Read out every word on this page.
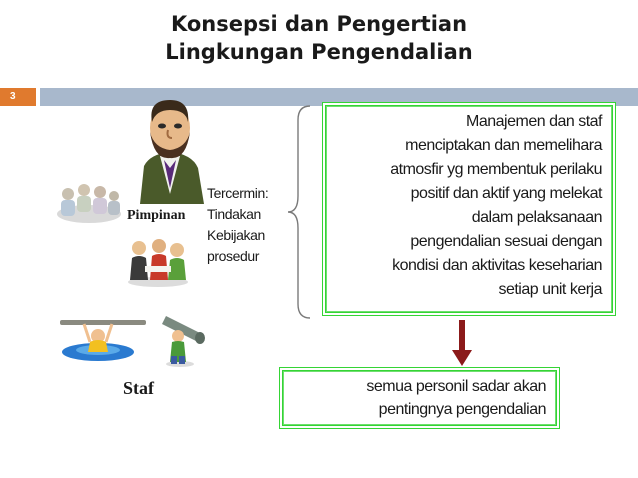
Konsepsi dan Pengertian
Lingkungan Pengendalian
3
Pimpinan
Tercermin:
Tindakan
Kebijakan
prosedur
Staf
Manajemen dan staf
menciptakan dan memelihara
atmosfir yg membentuk perilaku
positif dan aktif yang melekat
dalam pelaksanaan
pengendalian sesuai dengan
kondisi dan aktivitas keseharian
setiap unit kerja
semua personil sadar akan
pentingnya pengendalian
